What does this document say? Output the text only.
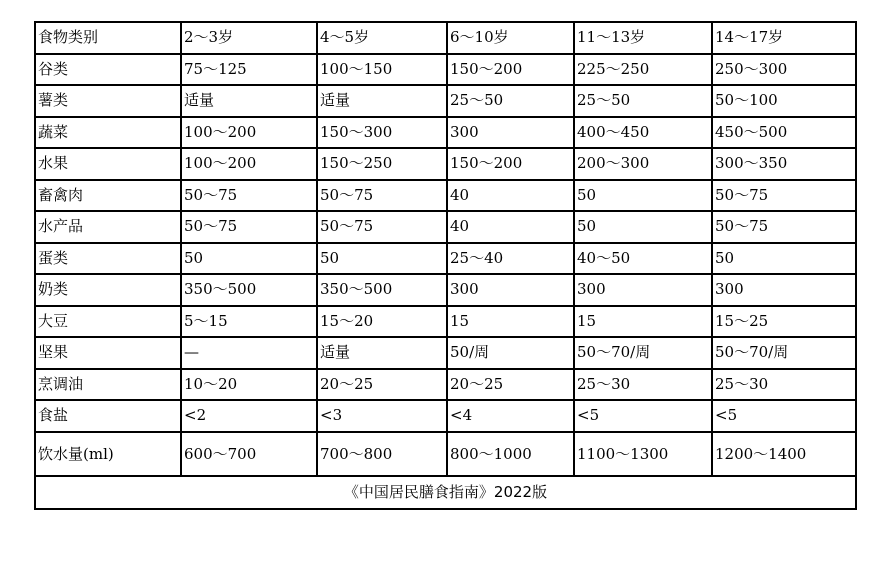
食物类别	2～3岁	4～5岁	6～10岁	11～13岁	14～17岁
谷类	75～125	100～150	150～200	225～250	250～300
薯类	适量	适量	25～50	25～50	50～100
蔬菜	100～200	150～300	300	400～450	450～500
水果	100～200	150～250	150～200	200～300	300～350
畜禽肉	50～75	50～75	40	50	50～75
水产品	50～75	50～75	40	50	50～75
蛋类	50	50	25～40	40～50	50
奶类	350～500	350～500	300	300	300
大豆	5～15	15～20	15	15	15～25
坚果	—	适量	50/周	50～70/周	50～70/周
烹调油	10～20	20～25	20～25	25～30	25～30
食盐	<2	<3	<4	<5	<5
饮水量(ml)	600～700	700～800	800～1000	1100～1300	1200～1400
《中国居民膳食指南》2022版					
